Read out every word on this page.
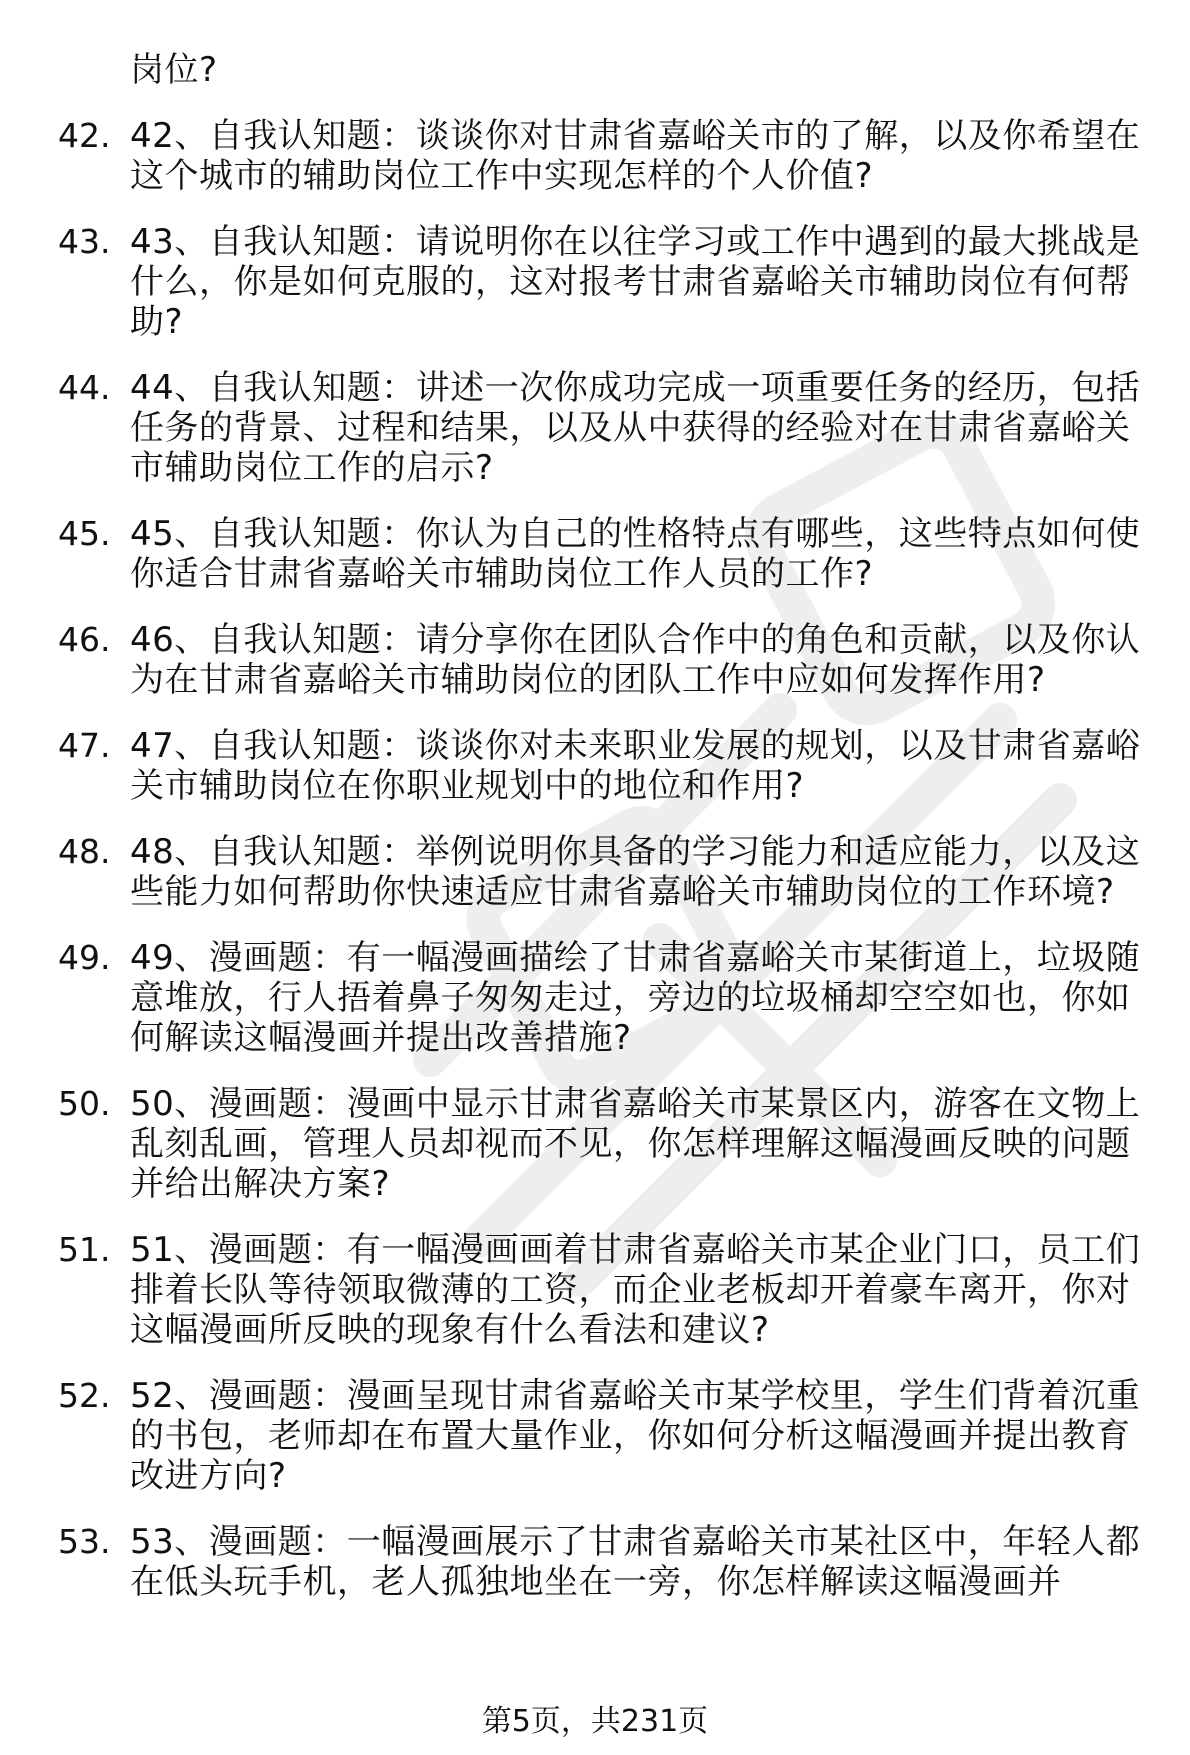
岗位?
42. 42、自我认知题：谈谈你对甘肃省嘉峪关市的了解，以及你希望在这个城市的辅助岗位工作中实现怎样的个人价值?
43. 43、自我认知题：请说明你在以往学习或工作中遇到的最大挑战是什么，你是如何克服的，这对报考甘肃省嘉峪关市辅助岗位有何帮助?
44. 44、自我认知题：讲述一次你成功完成一项重要任务的经历，包括任务的背景、过程和结果，以及从中获得的经验对在甘肃省嘉峪关市辅助岗位工作的启示?
45. 45、自我认知题：你认为自己的性格特点有哪些，这些特点如何使你适合甘肃省嘉峪关市辅助岗位工作人员的工作?
46. 46、自我认知题：请分享你在团队合作中的角色和贡献，以及你认为在甘肃省嘉峪关市辅助岗位的团队工作中应如何发挥作用?
47. 47、自我认知题：谈谈你对未来职业发展的规划，以及甘肃省嘉峪关市辅助岗位在你职业规划中的地位和作用?
48. 48、自我认知题：举例说明你具备的学习能力和适应能力，以及这些能力如何帮助你快速适应甘肃省嘉峪关市辅助岗位的工作环境?
49. 49、漫画题：有一幅漫画描绘了甘肃省嘉峪关市某街道上，垃圾随意堆放，行人捂着鼻子匆匆走过，旁边的垃圾桶却空空如也，你如何解读这幅漫画并提出改善措施?
50. 50、漫画题：漫画中显示甘肃省嘉峪关市某景区内，游客在文物上乱刻乱画，管理人员却视而不见，你怎样理解这幅漫画反映的问题并给出解决方案?
51. 51、漫画题：有一幅漫画画着甘肃省嘉峪关市某企业门口，员工们排着长队等待领取微薄的工资，而企业老板却开着豪车离开，你对这幅漫画所反映的现象有什么看法和建议?
52. 52、漫画题：漫画呈现甘肃省嘉峪关市某学校里，学生们背着沉重的书包，老师却在布置大量作业，你如何分析这幅漫画并提出教育改进方向?
53. 53、漫画题：一幅漫画展示了甘肃省嘉峪关市某社区中，年轻人都在低头玩手机，老人孤独地坐在一旁，你怎样解读这幅漫画并
第5页，共231页
